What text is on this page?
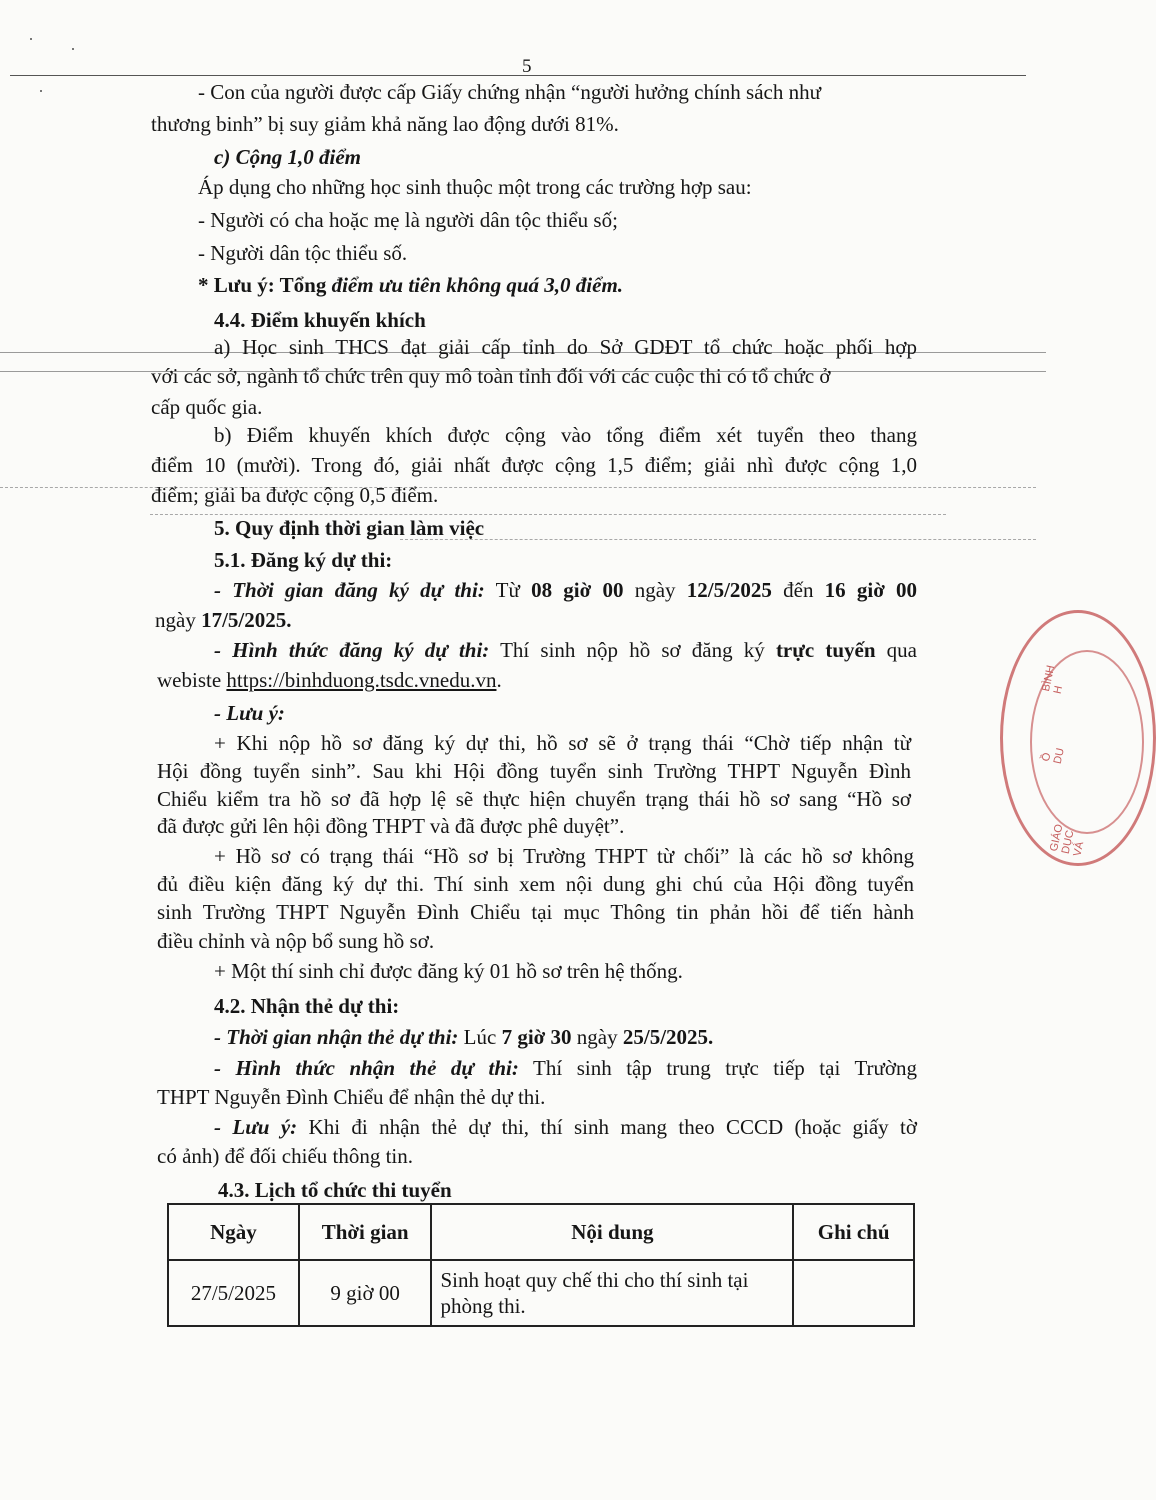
5
- Con của người được cấp Giấy chứng nhận “người hưởng chính sách như
thương binh” bị suy giảm khả năng lao động dưới 81%.
c) Cộng 1,0 điểm
Áp dụng cho những học sinh thuộc một trong các trường hợp sau:
- Người có cha hoặc mẹ là người dân tộc thiểu số;
- Người dân tộc thiểu số.
* Lưu ý: Tổng điểm ưu tiên không quá 3,0 điểm.
4.4. Điểm khuyến khích
a) Học sinh THCS đạt giải cấp tỉnh do Sở GDĐT tổ chức hoặc phối hợp
với các sở, ngành tổ chức trên quy mô toàn tỉnh đối với các cuộc thi có tổ chức ở
cấp quốc gia.
b) Điểm khuyến khích được cộng vào tổng điểm xét tuyển theo thang
điểm 10 (mười). Trong đó, giải nhất được cộng 1,5 điểm; giải nhì được cộng 1,0
điểm; giải ba được cộng 0,5 điểm.
5. Quy định thời gian làm việc
5.1. Đăng ký dự thi:
- Thời gian đăng ký dự thi: Từ 08 giờ 00 ngày 12/5/2025 đến 16 giờ 00
ngày 17/5/2025.
- Hình thức đăng ký dự thi: Thí sinh nộp hồ sơ đăng ký trực tuyến qua
webiste https://binhduong.tsdc.vnedu.vn.
- Lưu ý:
+ Khi nộp hồ sơ đăng ký dự thi, hồ sơ sẽ ở trạng thái “Chờ tiếp nhận từ
Hội đồng tuyển sinh”. Sau khi Hội đồng tuyển sinh Trường THPT Nguyễn Đình
Chiểu kiểm tra hồ sơ đã hợp lệ sẽ thực hiện chuyển trạng thái hồ sơ sang “Hồ sơ
đã được gửi lên hội đồng THPT và đã được phê duyệt”.
+ Hồ sơ có trạng thái “Hồ sơ bị Trường THPT từ chối” là các hồ sơ không
đủ điều kiện đăng ký dự thi. Thí sinh xem nội dung ghi chú của Hội đồng tuyển
sinh Trường THPT Nguyễn Đình Chiểu tại mục Thông tin phản hồi để tiến hành
điều chỉnh và nộp bổ sung hồ sơ.
+ Một thí sinh chỉ được đăng ký 01 hồ sơ trên hệ thống.
4.2. Nhận thẻ dự thi:
- Thời gian nhận thẻ dự thi: Lúc 7 giờ 30 ngày 25/5/2025.
- Hình thức nhận thẻ dự thi: Thí sinh tập trung trực tiếp tại Trường
THPT Nguyễn Đình Chiểu để nhận thẻ dự thi.
- Lưu ý: Khi đi nhận thẻ dự thi, thí sinh mang theo CCCD (hoặc giấy tờ
có ảnh) để đối chiếu thông tin.
4.3. Lịch tổ chức thi tuyển
Ngày	Thời gian	Nội dung	Ghi chú
27/5/2025	9 giờ 00	Sinh hoạt quy chế thi cho thí sinh tại phòng thi.	
BÌNH H
Ồ DU
GIÁO DỤC VÀ
